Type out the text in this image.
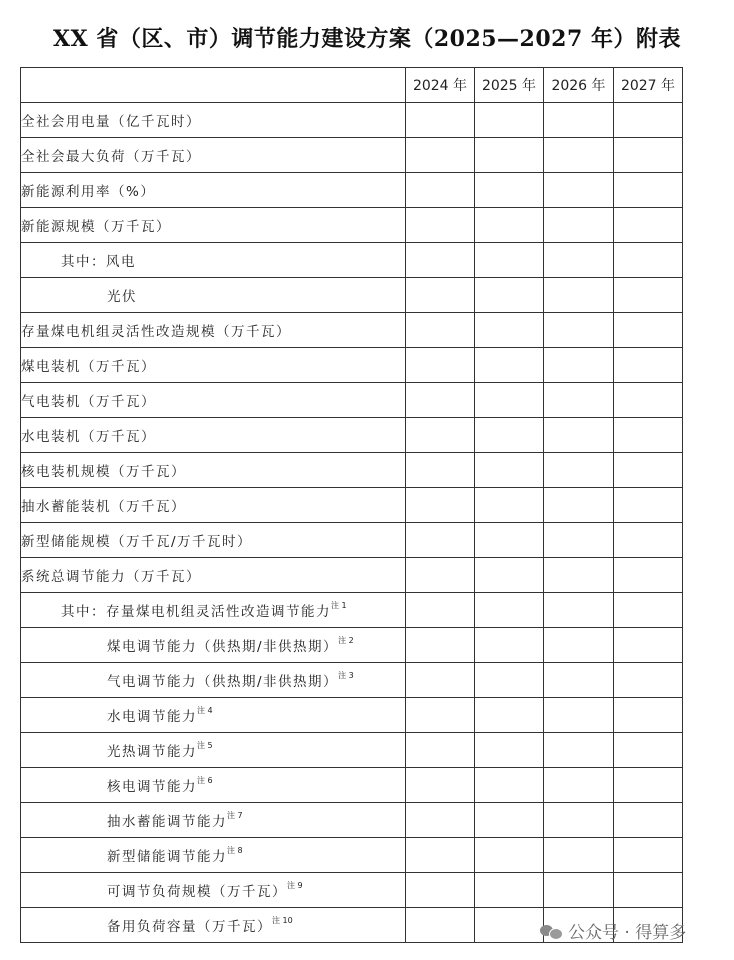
XX 省（区、市）调节能力建设方案（2025—2027 年）附表
	2024 年	2025 年	2026 年	2027 年
全社会用电量（亿千瓦时）				
全社会最大负荷（万千瓦）				
新能源利用率（%）				
新能源规模（万千瓦）				
其中：风电				
光伏				
存量煤电机组灵活性改造规模（万千瓦）				
煤电装机（万千瓦）				
气电装机（万千瓦）				
水电装机（万千瓦）				
核电装机规模（万千瓦）				
抽水蓄能装机（万千瓦）				
新型储能规模（万千瓦/万千瓦时）				
系统总调节能力（万千瓦）				
其中：存量煤电机组灵活性改造调节能力$^{注 1}$				
煤电调节能力（供热期/非供热期）$^{注 2}$				
气电调节能力（供热期/非供热期）$^{注 3}$				
水电调节能力$^{注 4}$				
光热调节能力$^{注 5}$				
核电调节能力$^{注 6}$				
抽水蓄能调节能力$^{注 7}$				
新型储能调节能力$^{注 8}$				
可调节负荷规模（万千瓦）$^{注 9}$				
备用负荷容量（万千瓦）$^{注 10}$				
公众号 · 得算多
